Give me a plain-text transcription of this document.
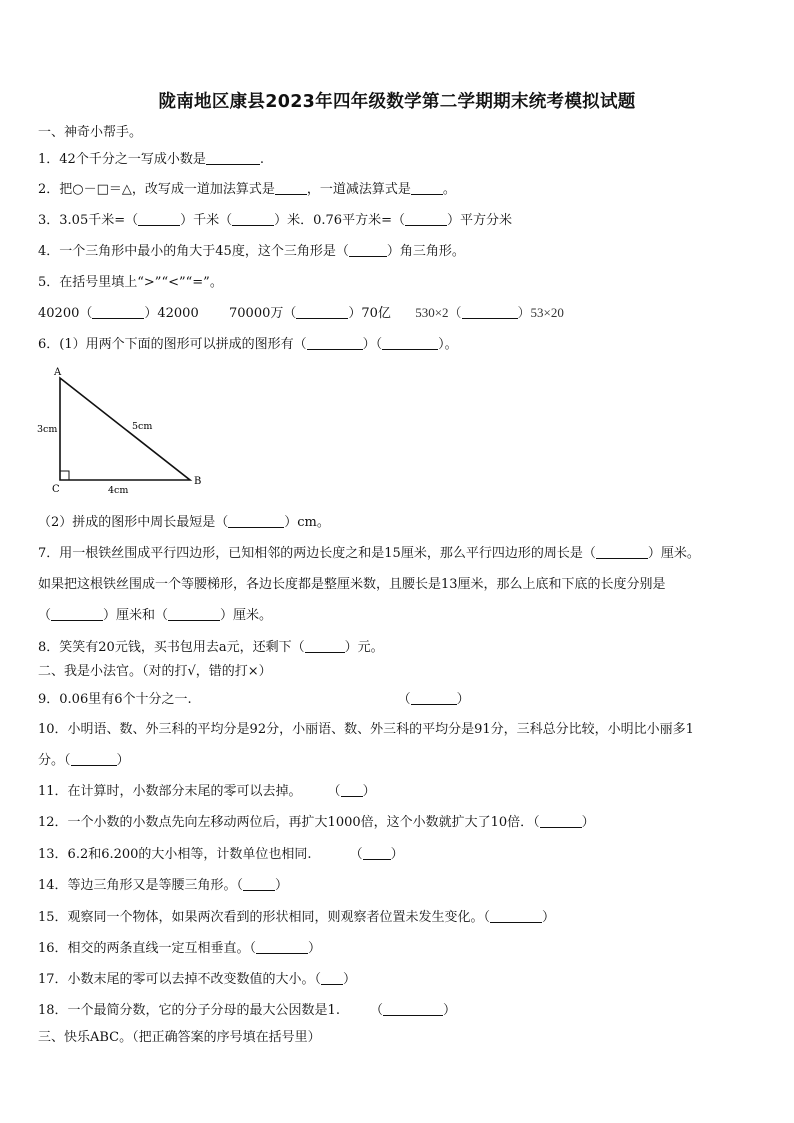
陇南地区康县2023年四年级数学第二学期期末统考模拟试题
一、神奇小帮手。
1．42个千分之一写成小数是	.
2．把○－□＝△，改写成一道加法算式是 ，一道减法算式是 。
3．3.05千米=（	）千米（	）米．0.76平方米=（	）平方分米
4．一个三角形中最小的角大于45度，这个三角形是（	）角三角形。
5．在括号里填上“>”“<”“=”。
40200（	）42000 70000万（	）70亿 530×2（	）53×20
6．(1）用两个下面的图形可以拼成的图形有（	）（	）。
A
B
C
3cm	5cm
4cm
（2）拼成的图形中周长最短是（	）cm。
7．用一根铁丝围成平行四边形，已知相邻的两边长度之和是15厘米，那么平行四边形的周长是（	）厘米。
如果把这根铁丝围成一个等腰梯形，各边长度都是整厘米数，且腰长是13厘米，那么上底和下底的长度分别是
（	）厘米和（	）厘米。
8．笑笑有20元钱，买书包用去a元，还剩下（	）元。
二、我是小法官。（对的打√，错的打×）
9．0.06里有6个十分之一.	（	）
10．小明语、数、外三科的平均分是92分，小丽语、数、外三科的平均分是91分，三科总分比较，小明比小丽多1
分。（	）
11．在计算时，小数部分末尾的零可以去掉。 （ ）
12．一个小数的小数点先向左移动两位后，再扩大1000倍，这个小数就扩大了10倍．（	）
13．6.2和6.200的大小相等，计数单位也相同.	（ ）
14．等边三角形又是等腰三角形。（ ）
15．观察同一个物体，如果两次看到的形状相同，则观察者位置未发生变化。（	）
16．相交的两条直线一定互相垂直。（	）
17．小数末尾的零可以去掉不改变数值的大小。（ ）
18．一个最简分数，它的分子分母的最大公因数是1. （	）
三、快乐ABC。（把正确答案的序号填在括号里）
